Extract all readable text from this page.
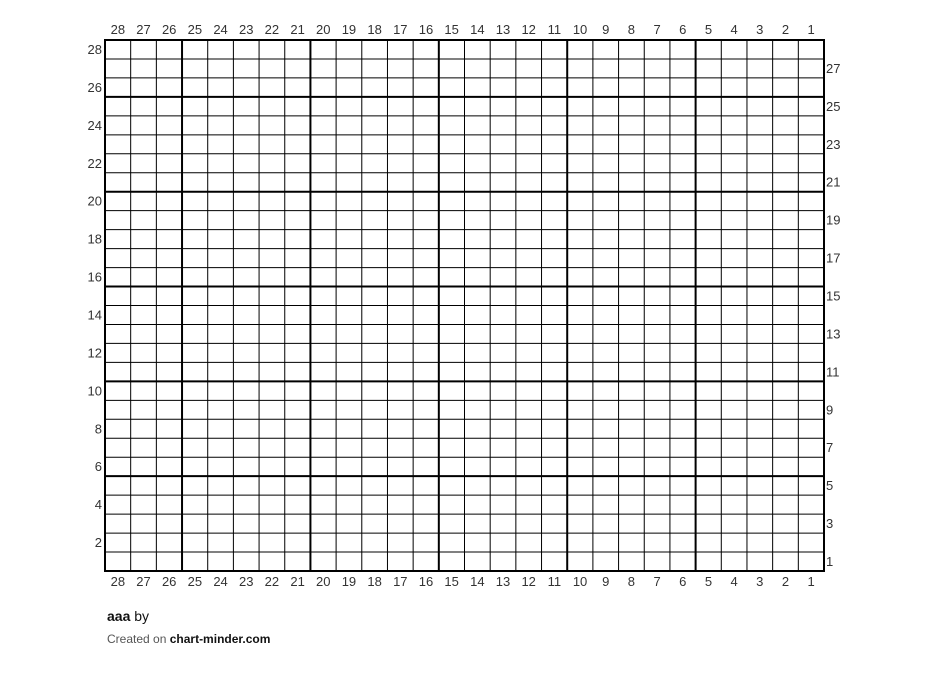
28 27 26 25 24 23 22 21 20 19 18 17 16 15 14 13 12 11 10 9 8 7 6 5 4 3 2 1
28 27 26 25 24 23 22 21 20 19 18 17 16 15 14 13 12 11 10 9 8 7 6 5 4 3 2 1
28
26
24
22
20
18
16
14
12
10
8
6
4
2
27
25
23
21
19
17
15
13
11
9
7
5
3
1
aaa by
Created on chart-minder.com
